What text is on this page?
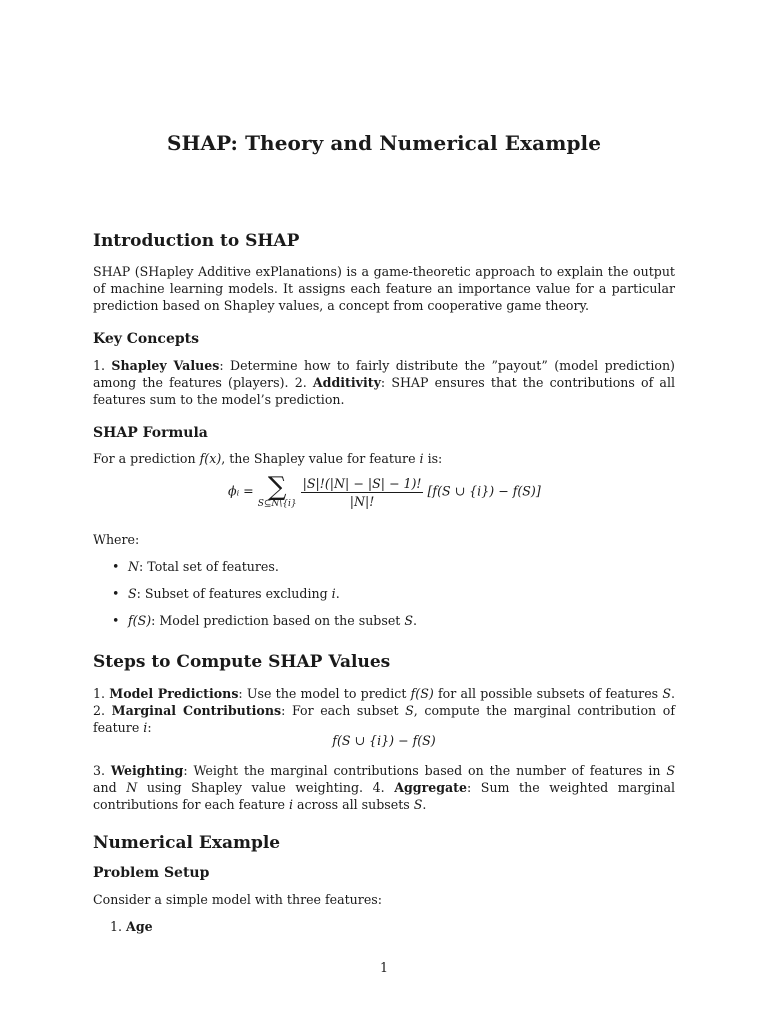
SHAP: Theory and Numerical Example
Introduction to SHAP
SHAP (SHapley Additive exPlanations) is a game-theoretic approach to explain the output of machine learning models. It assigns each feature an importance value for a particular prediction based on Shapley values, a concept from cooperative game theory.
Key Concepts
1. Shapley Values: Determine how to fairly distribute the ”payout” (model prediction) among the features (players). 2. Additivity: SHAP ensures that the contributions of all features sum to the model’s prediction.
SHAP Formula
For a prediction f(x), the Shapley value for feature i is:
ϕᵢ = ∑
S⊆N\{i}
$\frac{|S|!(|N| - |S| - 1)!}{|N|!} [f(S$ ∪ {i}) − f(S)]
Where:
• N: Total set of features.
• S: Subset of features excluding i.
• f(S): Model prediction based on the subset S.
Steps to Compute SHAP Values
1. Model Predictions: Use the model to predict f(S) for all possible subsets of features S. 2. Marginal Contributions: For each subset S, compute the marginal contribution of feature i:
f(S ∪ {i}) − f(S)
3. Weighting: Weight the marginal contributions based on the number of features in S and N using Shapley value weighting. 4. Aggregate: Sum the weighted marginal contributions for each feature i across all subsets S.
Numerical Example
Problem Setup
Consider a simple model with three features:
1. Age
1
